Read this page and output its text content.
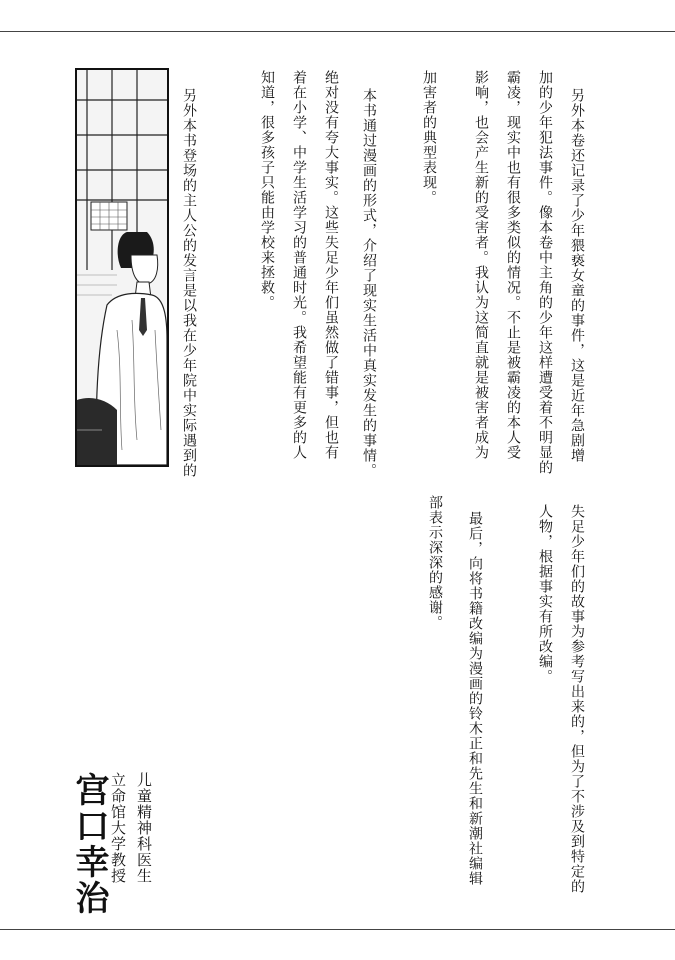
另外本卷还记录了少年猥亵女童的事件，这是近年急剧增
加的少年犯法事件。像本卷中主角的少年这样遭受着不明显的
霸凌，现实中也有很多类似的情况。不止是被霸凌的本人受
影响，也会产生新的受害者。我认为这简直就是被害者成为
加害者的典型表现。
本书通过漫画的形式，介绍了现实生活中真实发生的事情。
绝对没有夸大事实。这些失足少年们虽然做了错事，但也有
着在小学、中学生活学习的普通时光。我希望能有更多的人
知道，很多孩子只能由学校来拯救。
另外本书登场的主人公的发言是以我在少年院中实际遇到的
失足少年们的故事为参考写出来的，但为了不涉及到特定的
人物，根据事实有所改编。
最后，向将书籍改编为漫画的铃木正和先生和新潮社编辑
部表示深深的感谢。
儿童精神科医生
立命馆大学教授
宫口幸治
